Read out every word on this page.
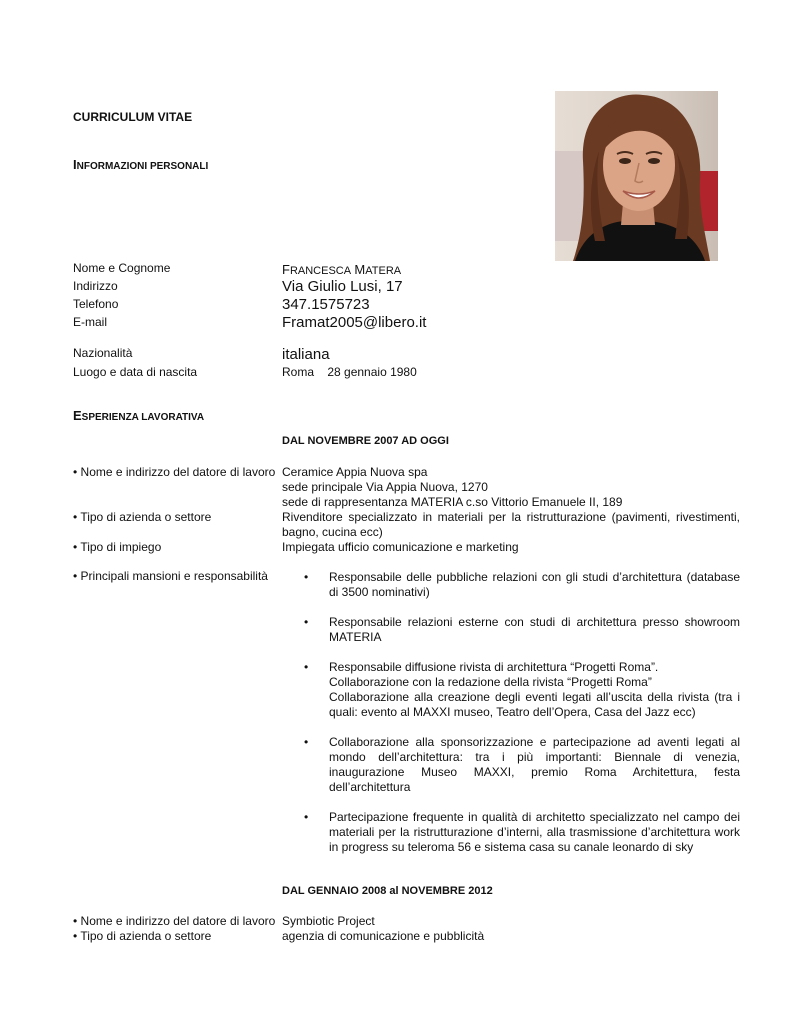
CURRICULUM VITAE
INFORMAZIONI PERSONALI
Nome e Cognome	FRANCESCA MATERA
Indirizzo	Via Giulio Lusi, 17
Telefono	347.1575723
E-mail	Framat2005@libero.it
Nazionalità	italiana
Luogo e data di nascita	Roma    28 gennaio 1980
ESPERIENZA LAVORATIVA
DAL NOVEMBRE 2007 AD OGGI
• Nome e indirizzo del datore di lavoro Ceramice Appia Nuova spa
sede principale Via Appia Nuova, 1270
sede di rappresentanza MATERIA c.so Vittorio Emanuele II, 189
• Tipo di azienda o settore	Rivenditore specializzato in materiali per la ristrutturazione (pavimenti, rivestimenti, bagno, cucina ecc)
• Tipo di impiego	Impiegata ufficio comunicazione e marketing
• Principali mansioni e responsabilità	• Responsabile delle pubbliche relazioni con gli studi d’architettura (database di 3500 nominativi)
• Responsabile relazioni esterne con studi di architettura presso showroom MATERIA
• Responsabile diffusione rivista di architettura “Progetti Roma”.
Collaborazione con la redazione della rivista “Progetti Roma”
Collaborazione alla creazione degli eventi legati all’uscita della rivista (tra i quali: evento al MAXXI museo, Teatro dell’Opera, Casa del Jazz ecc)
• Collaborazione alla sponsorizzazione e partecipazione ad aventi legati al mondo dell’architettura: tra i più importanti: Biennale di venezia, inaugurazione Museo MAXXI, premio Roma Architettura, festa dell’architettura
• Partecipazione frequente in qualità di architetto specializzato nel campo dei materiali per la ristrutturazione d’interni, alla trasmissione d’architettura work in progress su teleroma 56 e sistema casa su canale leonardo di sky
DAL GENNAIO 2008 al NOVEMBRE 2012
• Nome e indirizzo del datore di lavoro Symbiotic Project
• Tipo di azienda o settore	agenzia di comunicazione e pubblicità
